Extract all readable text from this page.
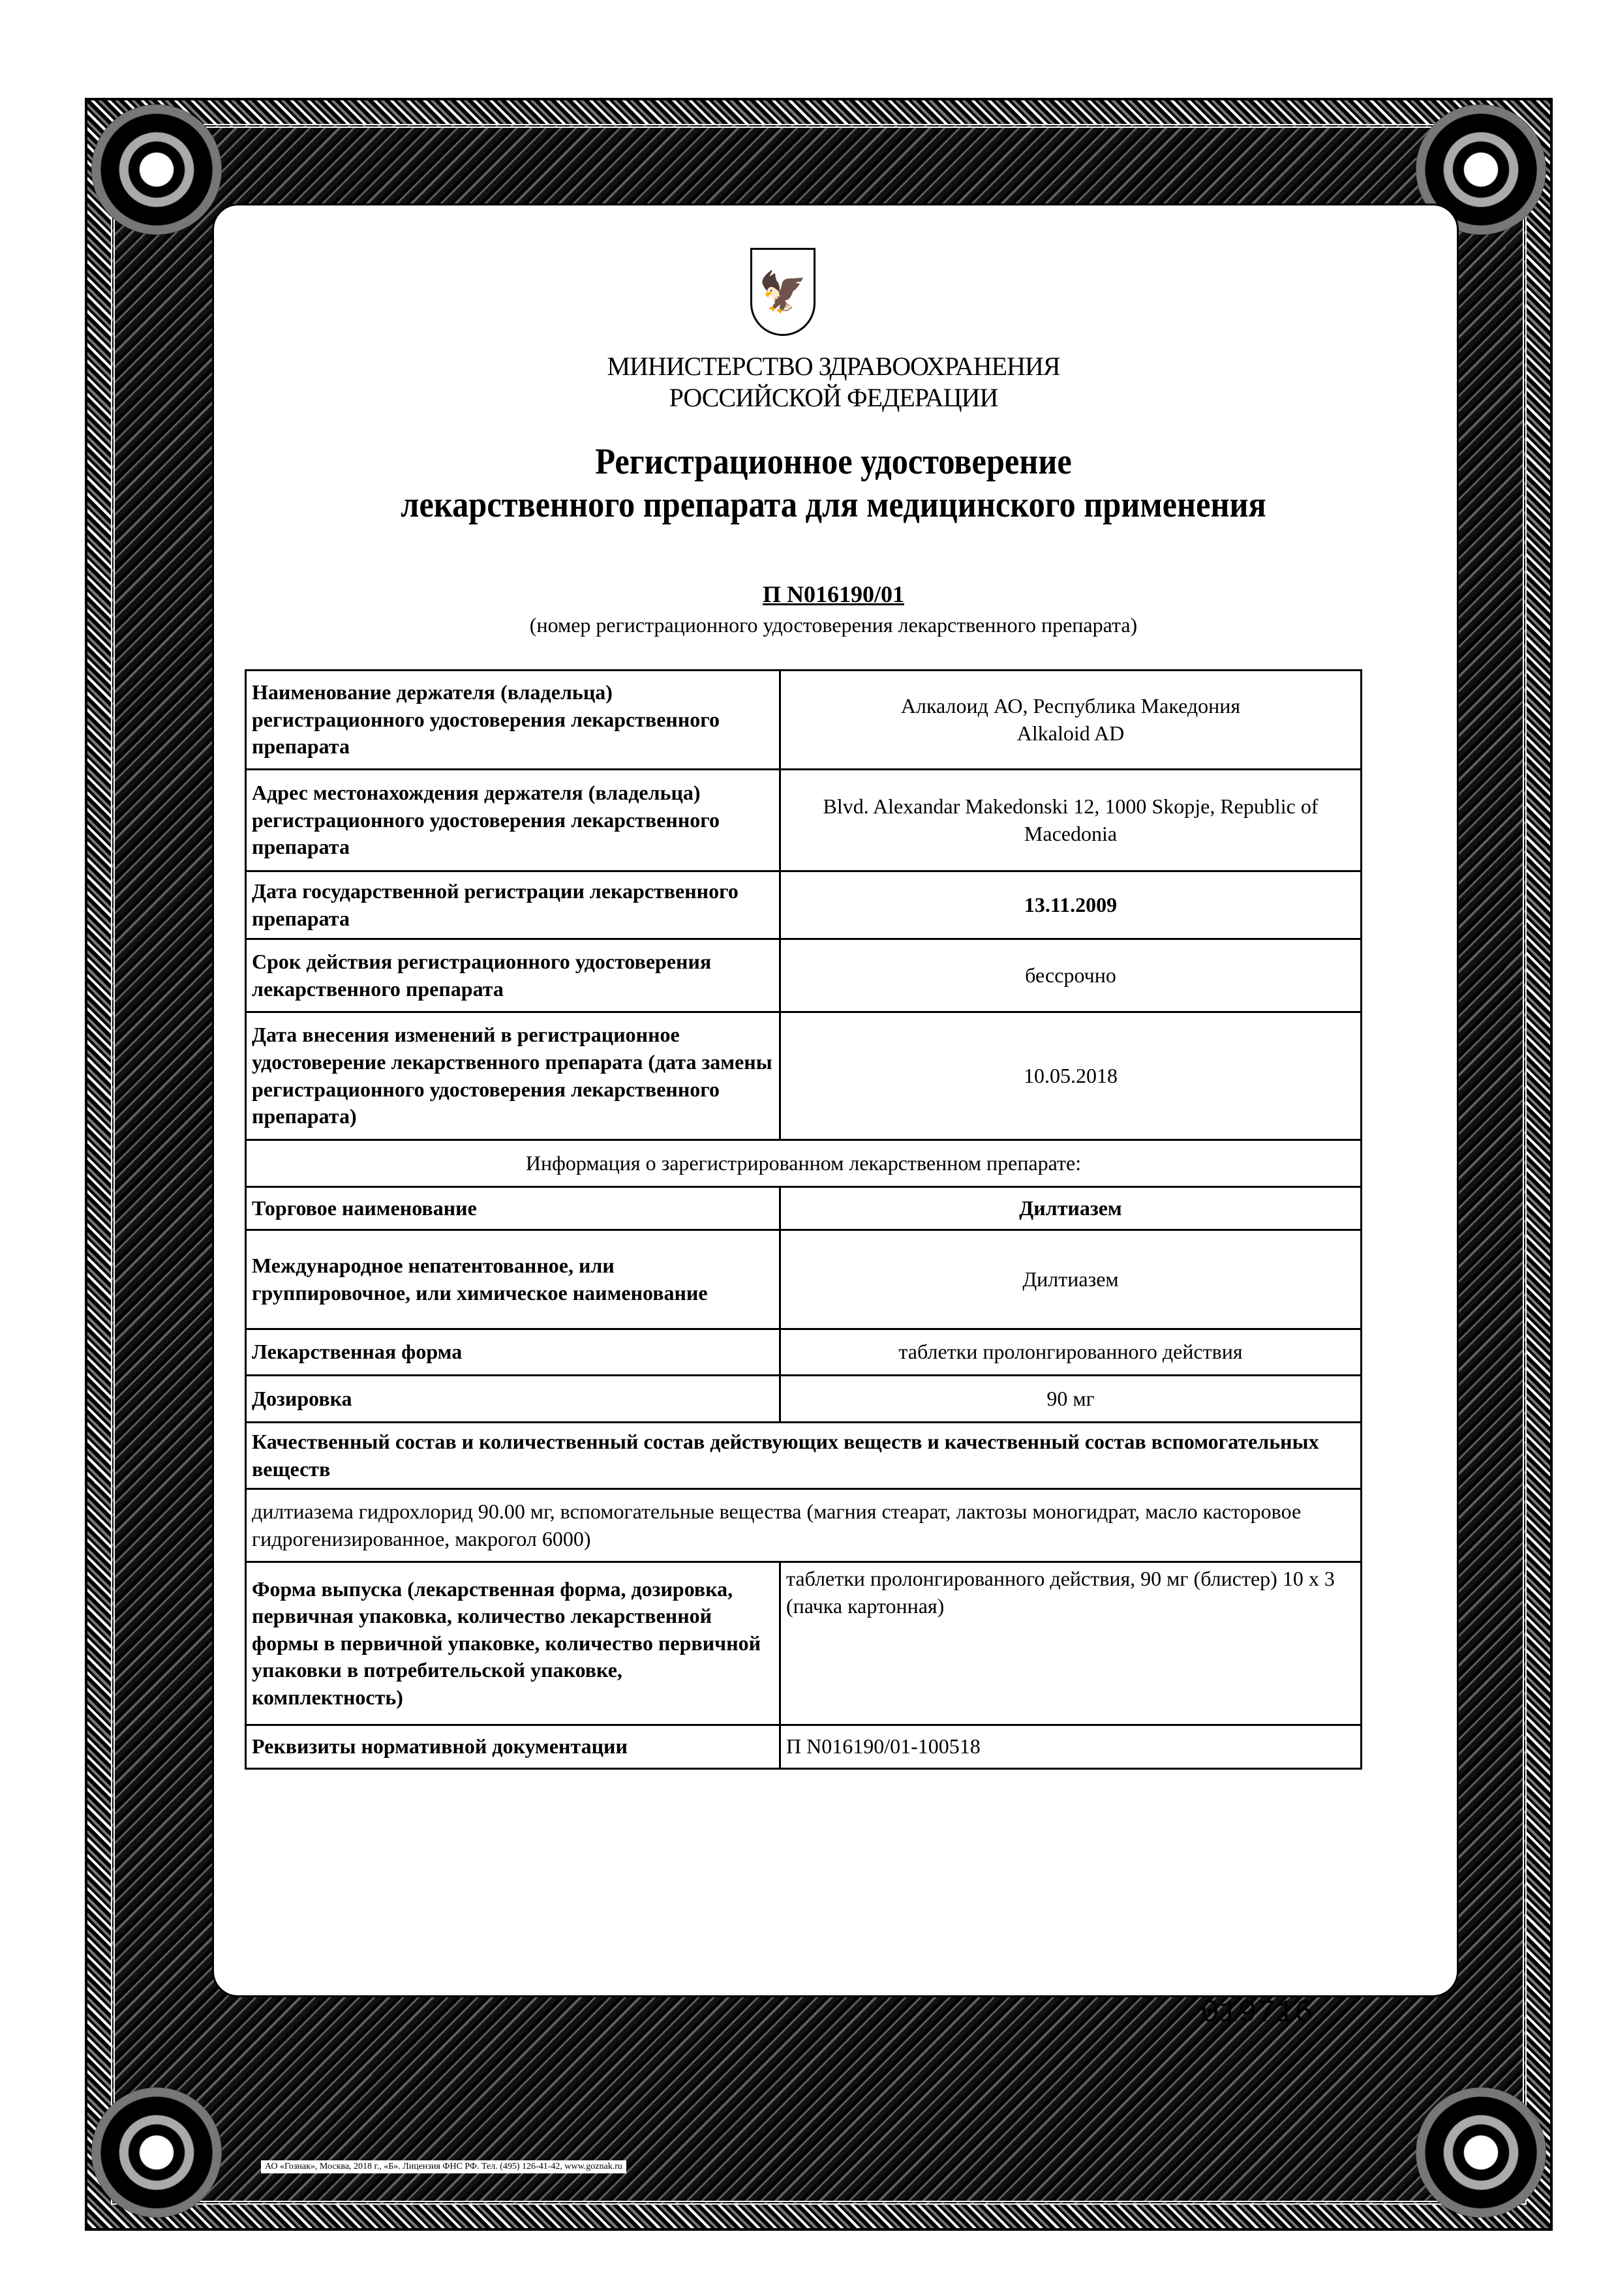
🦅
МИНИСТЕРСТВО ЗДРАВООХРАНЕНИЯ
РОССИЙСКОЙ ФЕДЕРАЦИИ
Регистрационное удостоверение
лекарственного препарата для медицинского применения
П N016190/01
(номер регистрационного удостоверения лекарственного препарата)
Наименование держателя (владельца) регистрационного удостоверения лекарственного препарата	Алкалоид АО, Республика Македония
Alkaloid AD

Адрес местонахождения держателя (владельца) регистрационного удостоверения лекарственного препарата	Blvd. Alexandar Makedonski 12, 1000 Skopje, Republic of Macedonia
Дата государственной регистрации лекарственного препарата	13.11.2009
Срок действия регистрационного удостоверения лекарственного препарата	бессрочно
Дата внесения изменений в регистрационное удостоверение лекарственного препарата (дата замены регистрационного удостоверения лекарственного препарата)	10.05.2018
Информация о зарегистрированном лекарственном препарате:	
Торговое наименование	Дилтиазем
Международное непатентованное, или группировочное, или химическое наименование	Дилтиазем
Лекарственная форма	таблетки пролонгированного действия
Дозировка	90 мг
Качественный состав и количественный состав действующих веществ и качественный состав вспомогательных веществ	
дилтиазема гидрохлорид 90.00 мг, вспомогательные вещества (магния стеарат, лактозы моногидрат, масло касторовое гидрогенизированное, макрогол 6000)	
Форма выпуска (лекарственная форма, дозировка, первичная упаковка, количество лекарственной формы в первичной упаковке, количество первичной упаковки в потребительской упаковке, комплектность)	таблетки пролонгированного действия, 90 мг (блистер) 10 x 3 (пачка картонная)
Реквизиты нормативной документации	П N016190/01-100518
019716
АО «Гознак», Москва, 2018 г., «Б». Лицензия ФНС РФ. Тел. (495) 126-41-42, www.goznak.ru
